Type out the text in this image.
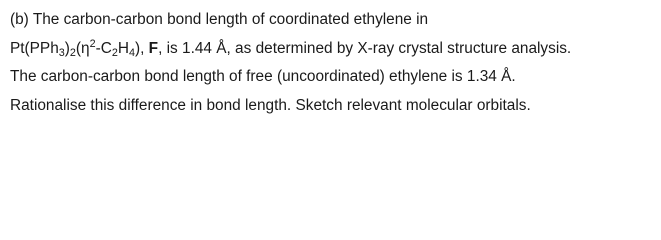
(b) The carbon-carbon bond length of coordinated ethylene in
$Pt(PPh_3)_2(\eta^2-C_2H_4)$, F, is 1.44 Å, as determined by X-ray crystal structure analysis.
The carbon-carbon bond length of free (uncoordinated) ethylene is 1.34 Å.
Rationalise this difference in bond length. Sketch relevant molecular orbitals.
